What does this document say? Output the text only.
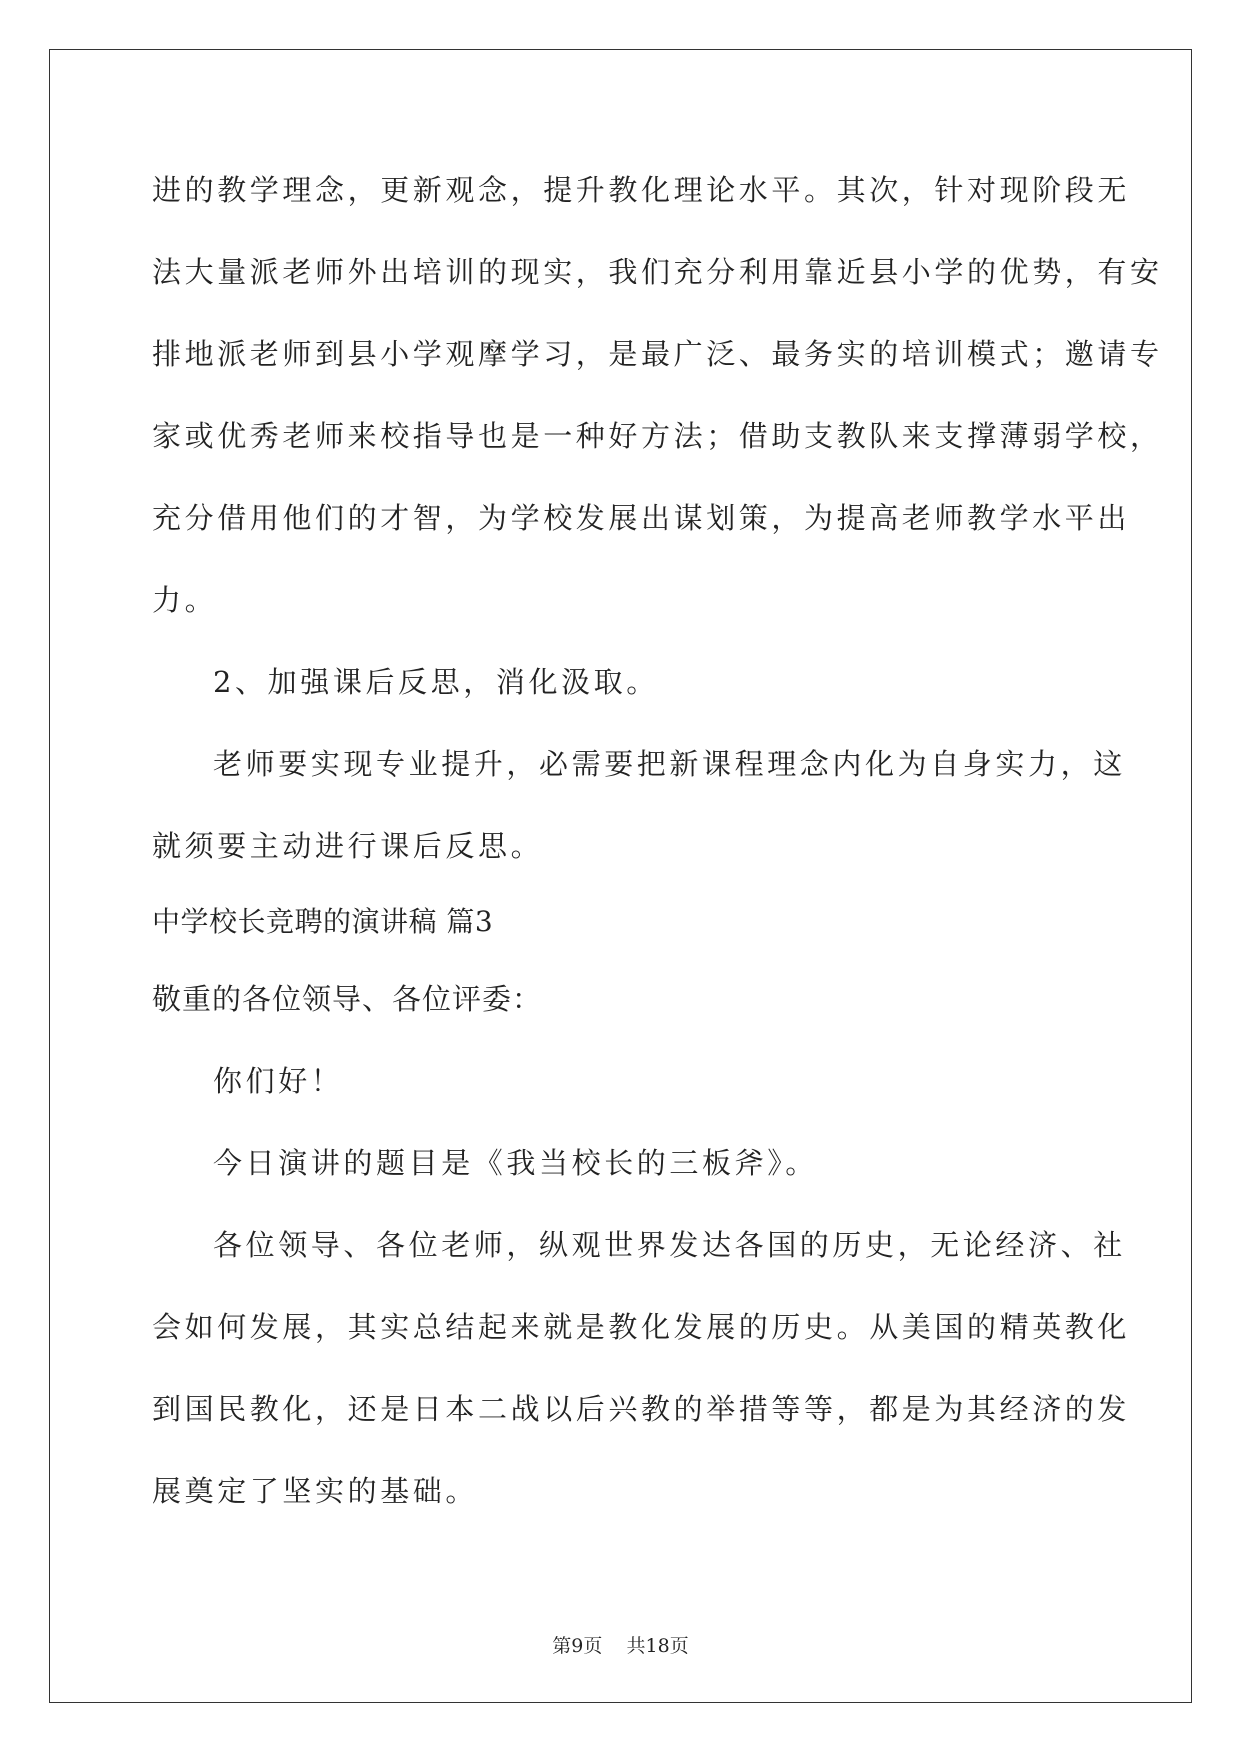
进的教学理念，更新观念，提升教化理论水平。其次，针对现阶段无
法大量派老师外出培训的现实，我们充分利用靠近县小学的优势，有安
排地派老师到县小学观摩学习，是最广泛、最务实的培训模式；邀请专
家或优秀老师来校指导也是一种好方法；借助支教队来支撑薄弱学校，
充分借用他们的才智，为学校发展出谋划策，为提高老师教学水平出
力。
2、加强课后反思，消化汲取。
老师要实现专业提升，必需要把新课程理念内化为自身实力，这
就须要主动进行课后反思。
中学校长竞聘的演讲稿 篇3
敬重的各位领导、各位评委：
你们好！
今日演讲的题目是《我当校长的三板斧》。
各位领导、各位老师，纵观世界发达各国的历史，无论经济、社
会如何发展，其实总结起来就是教化发展的历史。从美国的精英教化
到国民教化，还是日本二战以后兴教的举措等等，都是为其经济的发
展奠定了坚实的基础。
第9页 共18页
